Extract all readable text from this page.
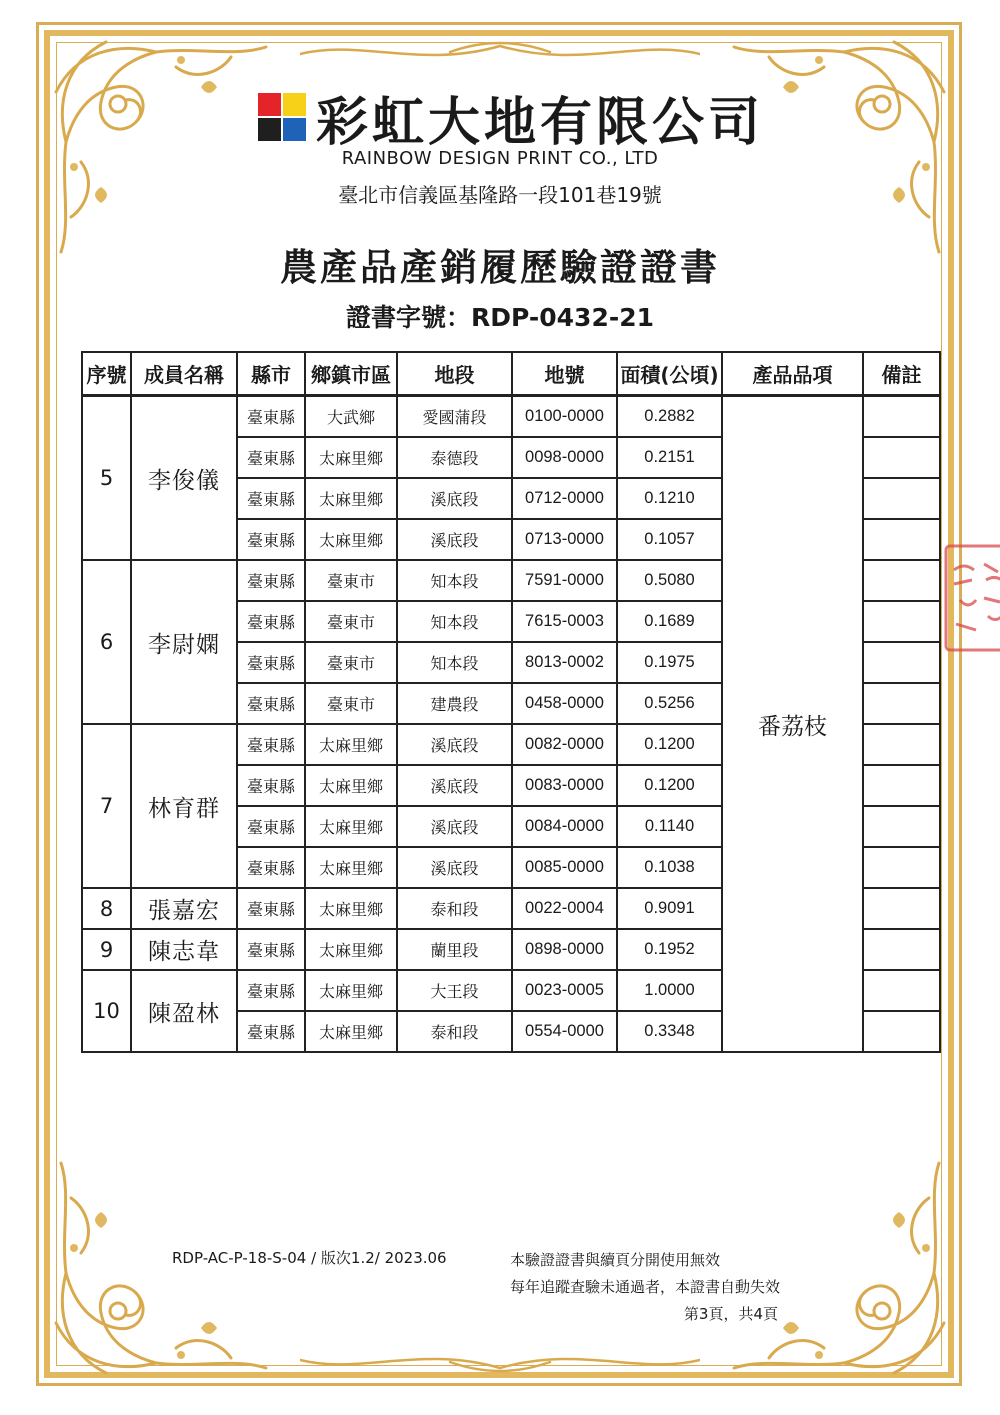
彩虹大地有限公司
RAINBOW DESIGN PRINT CO., LTD
臺北市信義區基隆路一段101巷19號
農產品產銷履歷驗證證書
證書字號：RDP-0432-21
序號	成員名稱	縣市	鄉鎮市區	地段	地號	面積(公頃)	產品品項	備註
5	李俊儀	臺東縣	大武鄉	愛國蒲段	0100-0000	0.2882	番荔枝	
		臺東縣	太麻里鄉	泰德段	0098-0000	0.2151		
		臺東縣	太麻里鄉	溪底段	0712-0000	0.1210		
		臺東縣	太麻里鄉	溪底段	0713-0000	0.1057		
6	李尉嫻	臺東縣	臺東市	知本段	7591-0000	0.5080		
		臺東縣	臺東市	知本段	7615-0003	0.1689		
		臺東縣	臺東市	知本段	8013-0002	0.1975		
		臺東縣	臺東市	建農段	0458-0000	0.5256		
7	林育群	臺東縣	太麻里鄉	溪底段	0082-0000	0.1200		
		臺東縣	太麻里鄉	溪底段	0083-0000	0.1200		
		臺東縣	太麻里鄉	溪底段	0084-0000	0.1140		
		臺東縣	太麻里鄉	溪底段	0085-0000	0.1038		
8	張嘉宏	臺東縣	太麻里鄉	泰和段	0022-0004	0.9091		
9	陳志韋	臺東縣	太麻里鄉	蘭里段	0898-0000	0.1952		
10	陳盈林	臺東縣	太麻里鄉	大王段	0023-0005	1.0000		
		臺東縣	太麻里鄉	泰和段	0554-0000	0.3348		
RDP-AC-P-18-S-04 / 版次1.2/ 2023.06	本驗證證書與續頁分開使用無效
每年追蹤查驗未通過者，本證書自動失效
第3頁，共4頁
